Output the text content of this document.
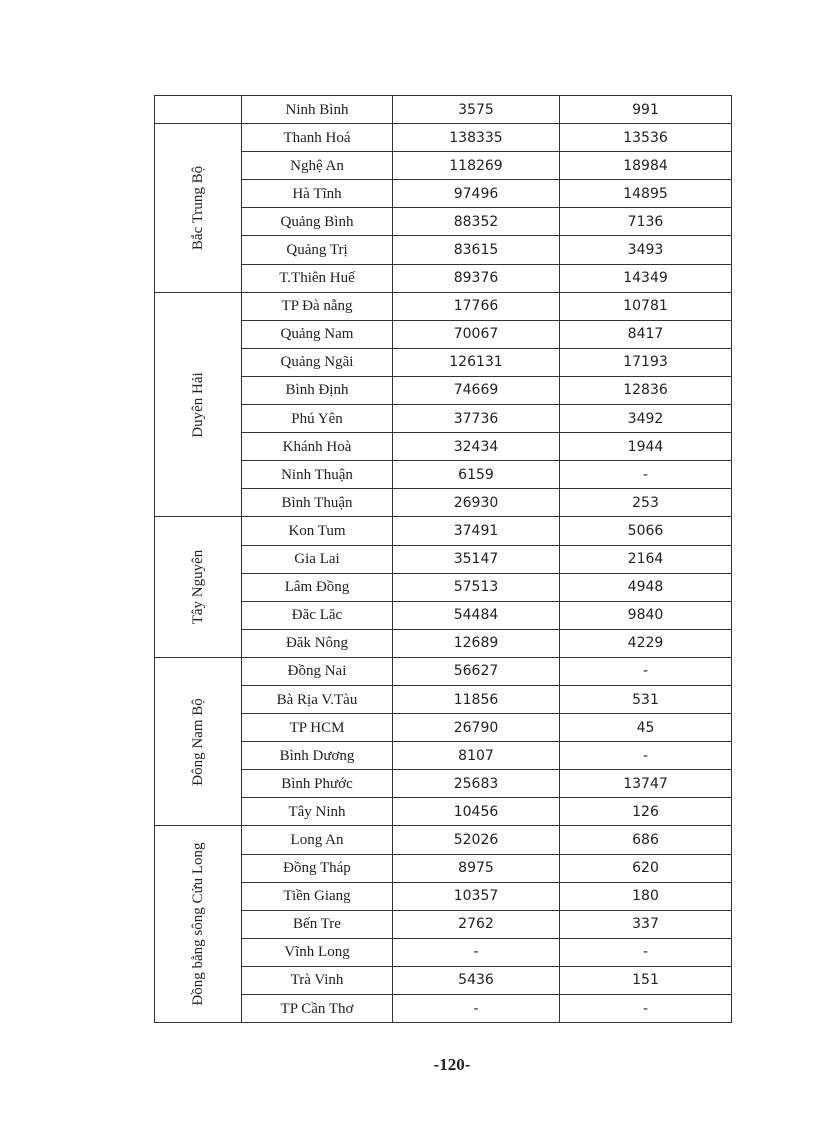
	Ninh Bình	3575	991

Bắc Trung Bộ	Thanh Hoá	138335	13536
	Nghệ An	118269	18984
	Hà Tĩnh	97496	14895
	Quảng Bình	88352	7136
	Quảng Trị	83615	3493
	T.Thiên Huế	89376	14349

Duyên Hải	TP Đà nẵng	17766	10781
	Quảng Nam	70067	8417
	Quảng Ngãi	126131	17193
	Bình Định	74669	12836
	Phú Yên	37736	3492
	Khánh Hoà	32434	1944
	Ninh Thuận	6159	-
	Bình Thuận	26930	253

Tây Nguyên	Kon Tum	37491	5066
	Gia Lai	35147	2164
	Lâm Đồng	57513	4948
	Đăc Lăc	54484	9840
	Đăk Nông	12689	4229

Đông Nam Bộ	Đồng Nai	56627	-
	Bà Rịa V.Tàu	11856	531
	TP HCM	26790	45
	Bình Dương	8107	-
	Bình Phước	25683	13747
	Tây Ninh	10456	126

Đồng bằng sông Cửu Long	Long An	52026	686
	Đồng Tháp	8975	620
	Tiền Giang	10357	180
	Bến Tre	2762	337
	Vĩnh Long	-	-
	Trà Vinh	5436	151
	TP Cần Thơ	-	-
-120-
